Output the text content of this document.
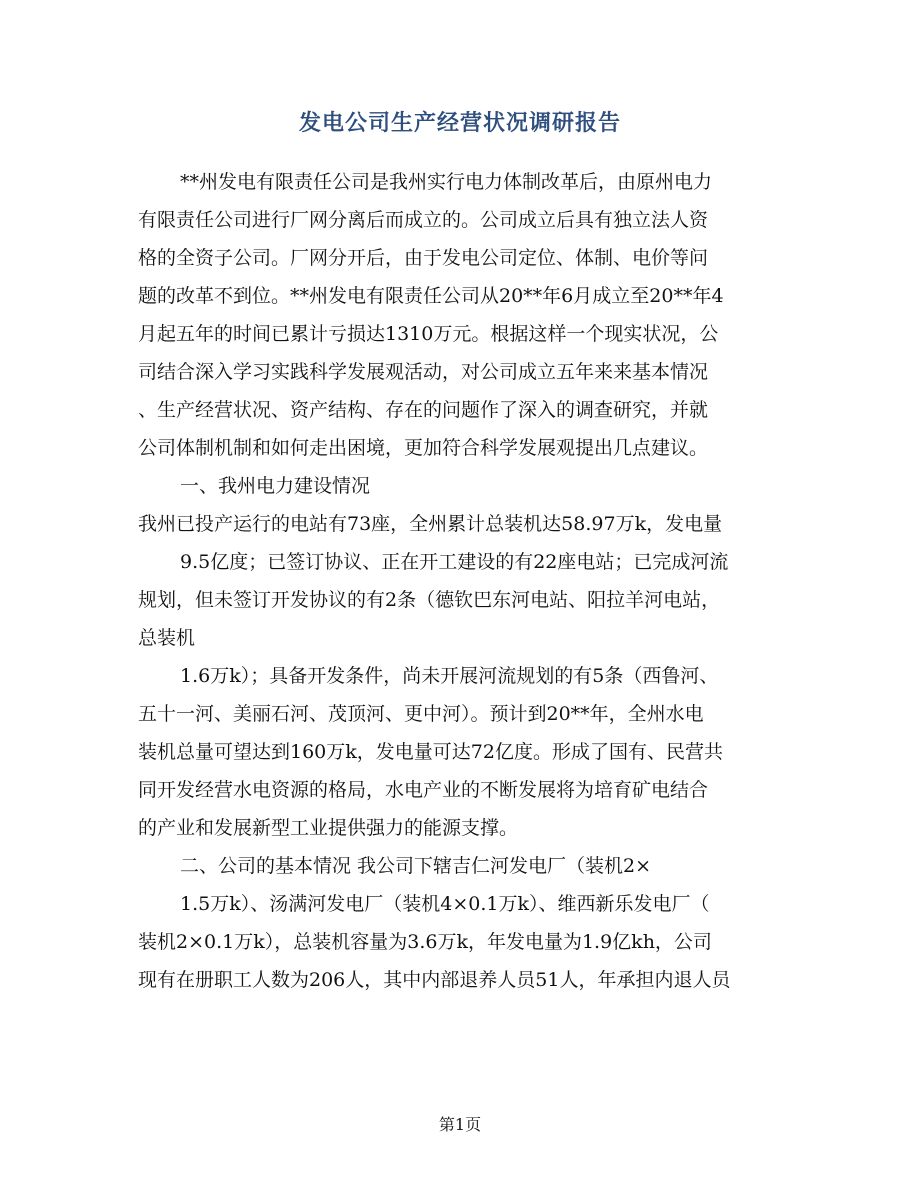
发电公司生产经营状况调研报告
**州发电有限责任公司是我州实行电力体制改革后，由原州电力
有限责任公司进行厂网分离后而成立的。公司成立后具有独立法人资
格的全资子公司。厂网分开后，由于发电公司定位、体制、电价等问
题的改革不到位。**州发电有限责任公司从20**年6月成立至20**年4
月起五年的时间已累计亏损达1310万元。根据这样一个现实状况，公
司结合深入学习实践科学发展观活动，对公司成立五年来来基本情况
、生产经营状况、资产结构、存在的问题作了深入的调查研究，并就
公司体制机制和如何走出困境，更加符合科学发展观提出几点建议。
一、我州电力建设情况
我州已投产运行的电站有73座，全州累计总装机达58.97万k，发电量
9.5亿度；已签订协议、正在开工建设的有22座电站；已完成河流
规划，但未签订开发协议的有2条（德钦巴东河电站、阳拉羊河电站，
总装机
1.6万k）；具备开发条件，尚未开展河流规划的有5条（西鲁河、
五十一河、美丽石河、茂顶河、更中河）。预计到20**年，全州水电
装机总量可望达到160万k，发电量可达72亿度。形成了国有、民营共
同开发经营水电资源的格局，水电产业的不断发展将为培育矿电结合
的产业和发展新型工业提供强力的能源支撑。
二、公司的基本情况 我公司下辖吉仁河发电厂（装机2×
1.5万k）、汤满河发电厂（装机4×0.1万k）、维西新乐发电厂（
装机2×0.1万k），总装机容量为3.6万k，年发电量为1.9亿kh，公司
现有在册职工人数为206人，其中内部退养人员51人，年承担内退人员
第1页
